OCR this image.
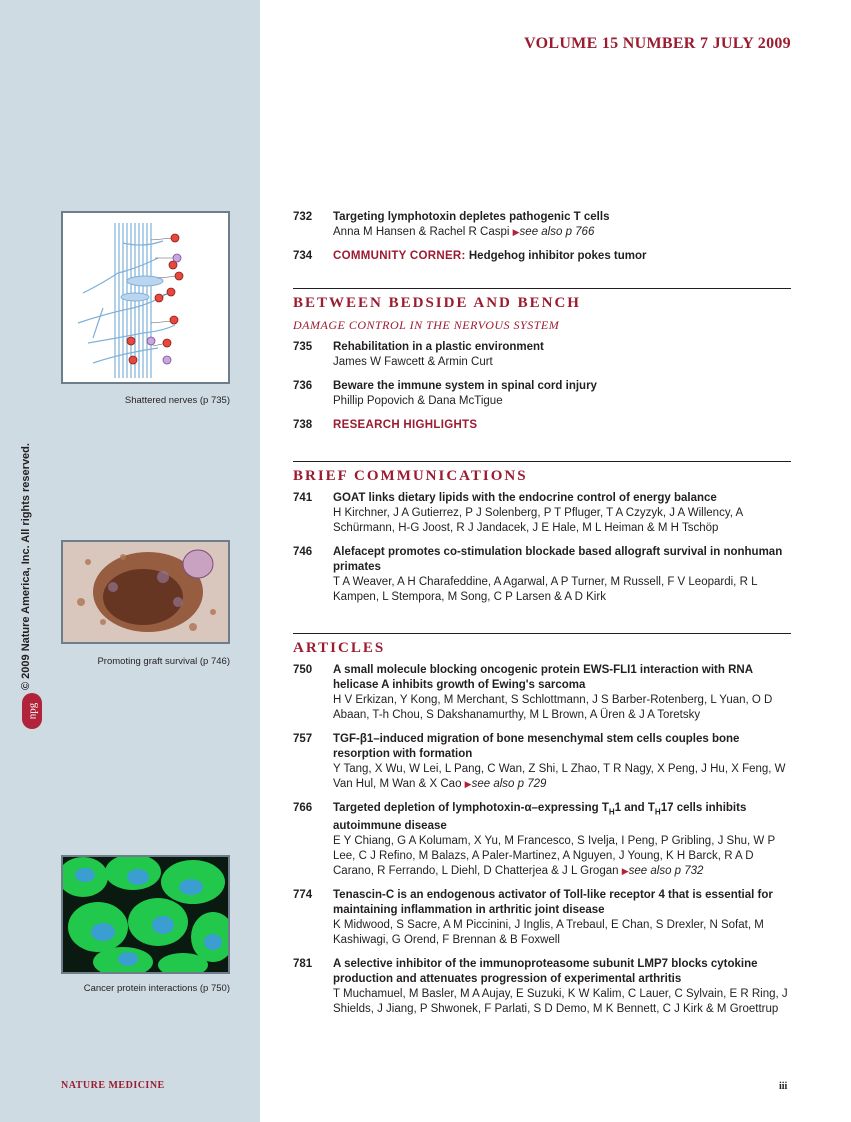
© 2009 Nature America, Inc. All rights reserved.
npg
Shattered nerves (p 735)
Promoting graft survival (p 746)
Cancer protein interactions (p 750)
NATURE MEDICINE	iii
VOLUME 15 NUMBER 7 JULY 2009
732	Targeting lymphotoxin depletes pathogenic T cells
Anna M Hansen & Rachel R Caspi ▶see also p 766
734	COMMUNITY CORNER: Hedgehog inhibitor pokes tumor
BETWEEN BEDSIDE AND BENCH
DAMAGE CONTROL IN THE NERVOUS SYSTEM
735	Rehabilitation in a plastic environment
James W Fawcett & Armin Curt
736	Beware the immune system in spinal cord injury
Phillip Popovich & Dana McTigue
738	RESEARCH HIGHLIGHTS
BRIEF COMMUNICATIONS
741	GOAT links dietary lipids with the endocrine control of energy balance
H Kirchner, J A Gutierrez, P J Solenberg, P T Pfluger, T A Czyzyk, J A Willency, A Schürmann, H-G Joost, R J Jandacek, J E Hale, M L Heiman & M H Tschöp
746	Alefacept promotes co-stimulation blockade based allograft survival in nonhuman primates
T A Weaver, A H Charafeddine, A Agarwal, A P Turner, M Russell, F V Leopardi, R L Kampen, L Stempora, M Song, C P Larsen & A D Kirk
ARTICLES
750	A small molecule blocking oncogenic protein EWS-FLI1 interaction with RNA helicase A inhibits growth of Ewing's sarcoma
H V Erkizan, Y Kong, M Merchant, S Schlottmann, J S Barber-Rotenberg, L Yuan, O D Abaan, T-h Chou, S Dakshanamurthy, M L Brown, A Üren & J A Toretsky
757	TGF-β1–induced migration of bone mesenchymal stem cells couples bone resorption with formation
Y Tang, X Wu, W Lei, L Pang, C Wan, Z Shi, L Zhao, T R Nagy, X Peng, J Hu, X Feng, W Van Hul, M Wan & X Cao ▶see also p 729
766	Targeted depletion of lymphotoxin-α–expressing $T_H1$ and $T_H17$ cells inhibits autoimmune disease
E Y Chiang, G A Kolumam, X Yu, M Francesco, S Ivelja, I Peng, P Gribling, J Shu, W P Lee, C J Refino, M Balazs, A Paler-Martinez, A Nguyen, J Young, K H Barck, R A D Carano, R Ferrando, L Diehl, D Chatterjea & J L Grogan ▶see also p 732
774	Tenascin-C is an endogenous activator of Toll-like receptor 4 that is essential for maintaining inflammation in arthritic joint disease
K Midwood, S Sacre, A M Piccinini, J Inglis, A Trebaul, E Chan, S Drexler, N Sofat, M Kashiwagi, G Orend, F Brennan & B Foxwell
781	A selective inhibitor of the immunoproteasome subunit LMP7 blocks cytokine production and attenuates progression of experimental arthritis
T Muchamuel, M Basler, M A Aujay, E Suzuki, K W Kalim, C Lauer, C Sylvain, E R Ring, J Shields, J Jiang, P Shwonek, F Parlati, S D Demo, M K Bennett, C J Kirk & M Groettrup
